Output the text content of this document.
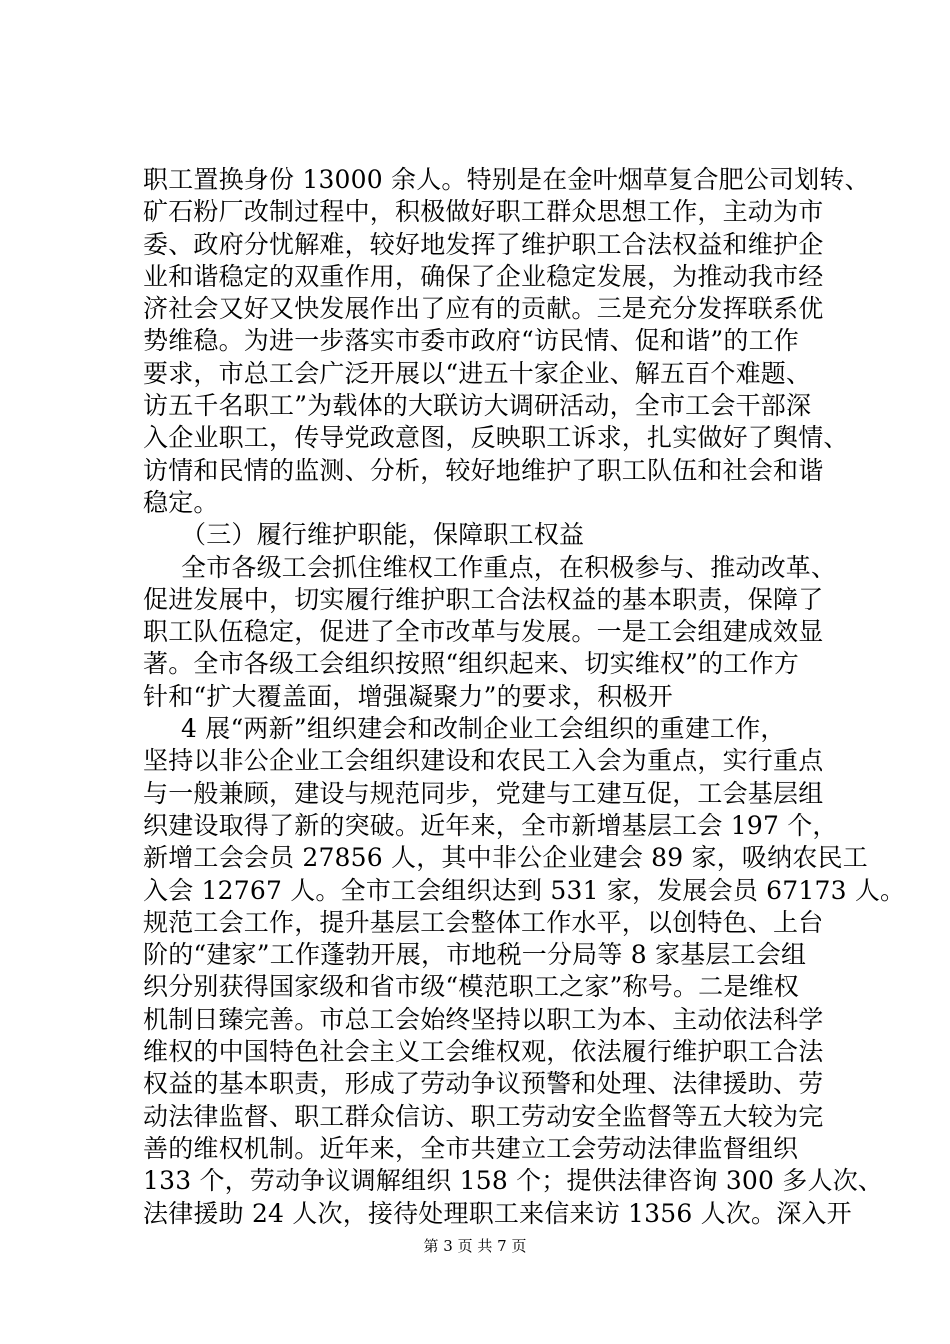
职工置换身份 13000 余人。特别是在金叶烟草复合肥公司划转、
矿石粉厂改制过程中，积极做好职工群众思想工作，主动为市
委、政府分忧解难，较好地发挥了维护职工合法权益和维护企
业和谐稳定的双重作用，确保了企业稳定发展，为推动我市经
济社会又好又快发展作出了应有的贡献。三是充分发挥联系优
势维稳。为进一步落实市委市政府“访民情、促和谐”的工作
要求，市总工会广泛开展以“进五十家企业、解五百个难题、
访五千名职工”为载体的大联访大调研活动，全市工会干部深
入企业职工，传导党政意图，反映职工诉求，扎实做好了舆情、
访情和民情的监测、分析，较好地维护了职工队伍和社会和谐
稳定。
（三）履行维护职能，保障职工权益
全市各级工会抓住维权工作重点，在积极参与、推动改革、
促进发展中，切实履行维护职工合法权益的基本职责，保障了
职工队伍稳定，促进了全市改革与发展。一是工会组建成效显
著。全市各级工会组织按照“组织起来、切实维权”的工作方
针和“扩大覆盖面，增强凝聚力”的要求，积极开
4 展“两新”组织建会和改制企业工会组织的重建工作，
坚持以非公企业工会组织建设和农民工入会为重点，实行重点
与一般兼顾，建设与规范同步，党建与工建互促，工会基层组
织建设取得了新的突破。近年来，全市新增基层工会 197 个，
新增工会会员 27856 人，其中非公企业建会 89 家，吸纳农民工
入会 12767 人。全市工会组织达到 531 家，发展会员 67173 人。
规范工会工作，提升基层工会整体工作水平，以创特色、上台
阶的“建家”工作蓬勃开展，市地税一分局等 8 家基层工会组
织分别获得国家级和省市级“模范职工之家”称号。二是维权
机制日臻完善。市总工会始终坚持以职工为本、主动依法科学
维权的中国特色社会主义工会维权观，依法履行维护职工合法
权益的基本职责，形成了劳动争议预警和处理、法律援助、劳
动法律监督、职工群众信访、职工劳动安全监督等五大较为完
善的维权机制。近年来，全市共建立工会劳动法律监督组织
133 个，劳动争议调解组织 158 个；提供法律咨询 300 多人次、
法律援助 24 人次，接待处理职工来信来访 1356 人次。深入开
第 3 页 共 7 页
